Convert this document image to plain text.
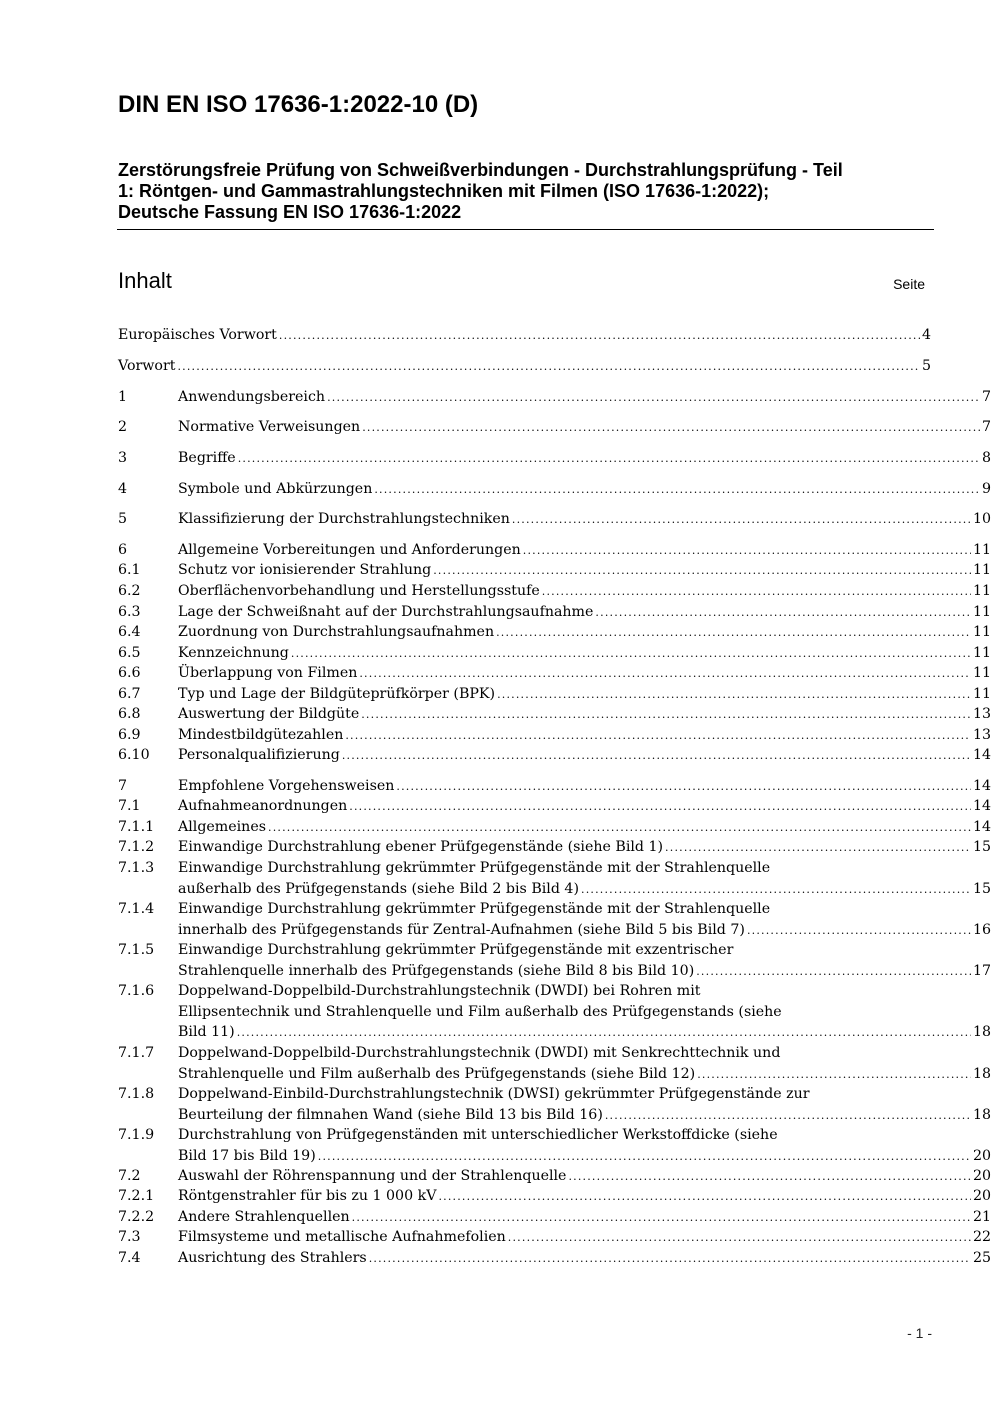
DIN EN ISO 17636-1:2022-10 (D)
Zerstörungsfreie Prüfung von Schweißverbindungen - Durchstrahlungsprüfung - Teil
1: Röntgen- und Gammastrahlungstechniken mit Filmen (ISO 17636-1:2022);
Deutsche Fassung EN ISO 17636-1:2022
Inhalt	Seite
Europäisches Vorwort .....	4
Vorwort .....	5
1	Anwendungsbereich .....	7
2	Normative Verweisungen .....	7
3	Begriffe .....	8
4	Symbole und Abkürzungen .....	9
5	Klassifizierung der Durchstrahlungstechniken .....	10
6	Allgemeine Vorbereitungen und Anforderungen .....	11
6.1	Schutz vor ionisierender Strahlung .....	11
6.2	Oberflächenvorbehandlung und Herstellungsstufe .....	11
6.3	Lage der Schweißnaht auf der Durchstrahlungsaufnahme .....	11
6.4	Zuordnung von Durchstrahlungsaufnahmen .....	11
6.5	Kennzeichnung .....	11
6.6	Überlappung von Filmen .....	11
6.7	Typ und Lage der Bildgüteprüfkörper (BPK) .....	11
6.8	Auswertung der Bildgüte .....	13
6.9	Mindestbildgütezahlen .....	13
6.10 Personalqualifizierung .....	14
7	Empfohlene Vorgehensweisen .....	14
7.1	Aufnahmeanordnungen .....	14
7.1.1 Allgemeines .....	14
7.1.2 Einwandige Durchstrahlung ebener Prüfgegenstände (siehe Bild 1) .....	15
7.1.3 Einwandige Durchstrahlung gekrümmter Prüfgegenstände mit der Strahlenquelle
außerhalb des Prüfgegenstands (siehe Bild 2 bis Bild 4) .....	15
7.1.4 Einwandige Durchstrahlung gekrümmter Prüfgegenstände mit der Strahlenquelle
innerhalb des Prüfgegenstands für Zentral-Aufnahmen (siehe Bild 5 bis Bild 7) .....	16
7.1.5 Einwandige Durchstrahlung gekrümmter Prüfgegenstände mit exzentrischer
Strahlenquelle innerhalb des Prüfgegenstands (siehe Bild 8 bis Bild 10) .....	17
7.1.6 Doppelwand-Doppelbild-Durchstrahlungstechnik (DWDI) bei Rohren mit
Ellipsentechnik und Strahlenquelle und Film außerhalb des Prüfgegenstands (siehe
Bild 11) .....	18
7.1.7 Doppelwand-Doppelbild-Durchstrahlungstechnik (DWDI) mit Senkrechttechnik und
Strahlenquelle und Film außerhalb des Prüfgegenstands (siehe Bild 12) .....	18
7.1.8 Doppelwand-Einbild-Durchstrahlungstechnik (DWSI) gekrümmter Prüfgegenstände zur
Beurteilung der filmnahen Wand (siehe Bild 13 bis Bild 16) .....	18
7.1.9 Durchstrahlung von Prüfgegenständen mit unterschiedlicher Werkstoffdicke (siehe
Bild 17 bis Bild 19) .....	20
7.2	Auswahl der Röhrenspannung und der Strahlenquelle .....	20
7.2.1 Röntgenstrahler für bis zu 1 000 kV .....	20
7.2.2 Andere Strahlenquellen .....	21
7.3	Filmsysteme und metallische Aufnahmefolien .....	22
7.4	Ausrichtung des Strahlers .....	25
- 1 -
